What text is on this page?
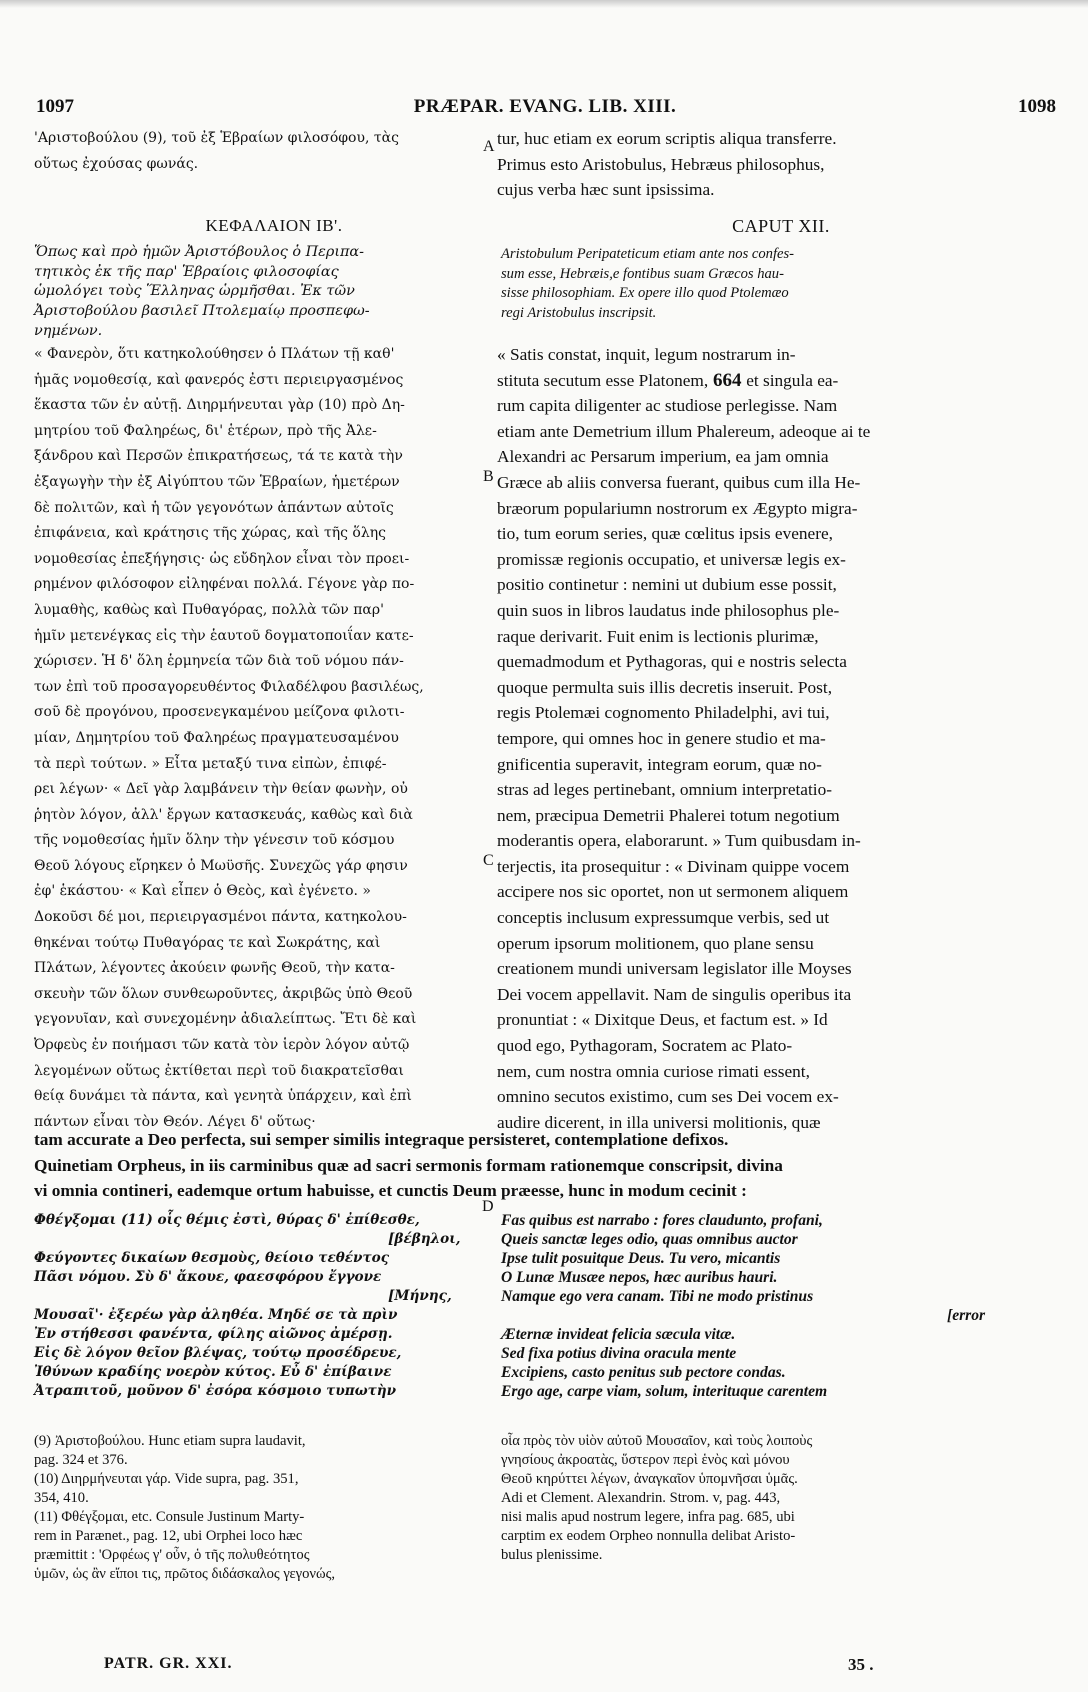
1097	PRÆPAR. EVANG. LIB. XIII.	1098

'Αριστοβούλου (9), τοῦ ἐξ Ἑβραίων φιλοσόφου, τὰς

οὕτως ἐχούσας φωνάς.

tur, huc etiam ex eorum scriptis aliqua transferre.

Primus esto Aristobulus, Hebræus philosophus,

cujus verba hæc sunt ipsissima.

A
ΚΕΦΑΛΑΙΟΝ ΙΒ'.	CAPUT XII.

Ὅπως καὶ πρὸ ἡμῶν Ἀριστόβουλος ὁ Περιπα-

τητικὸς ἐκ τῆς παρ' Ἑβραίοις φιλοσοφίας

ὡμολόγει τοὺς Ἕλληνας ὡρμῆσθαι. Ἐκ τῶν

Ἀριστοβούλου βασιλεῖ Πτολεμαίῳ προσπεφω-

νημένων.

Aristobulum Peripateticum etiam ante nos confes-

sum esse, Hebræis,e fontibus suam Græcos hau-

sisse philosophiam. Ex opere illo quod Ptolemæo

regi Aristobulus inscripsit.

« Φανερὸν, ὅτι κατηκολούθησεν ὁ Πλάτων τῇ καθ'

ἡμᾶς νομοθεσίᾳ, καὶ φανερός ἐστι περιειργασμένος

ἕκαστα τῶν ἐν αὐτῇ. Διηρμήνευται γὰρ (10) πρὸ Δη-

μητρίου τοῦ Φαληρέως, δι' ἑτέρων, πρὸ τῆς Ἀλε-

ξάνδρου καὶ Περσῶν ἐπικρατήσεως, τά τε κατὰ τὴν

ἐξαγωγὴν τὴν ἐξ Αἰγύπτου τῶν Ἑβραίων, ἡμετέρων

δὲ πολιτῶν, καὶ ἡ τῶν γεγονότων ἁπάντων αὐτοῖς

ἐπιφάνεια, καὶ κράτησις τῆς χώρας, καὶ τῆς ὅλης

νομοθεσίας ἐπεξήγησις· ὡς εὔδηλον εἶναι τὸν προει-

ρημένον φιλόσοφον εἰληφέναι πολλά. Γέγονε γὰρ πο-

λυμαθὴς, καθὼς καὶ Πυθαγόρας, πολλὰ τῶν παρ'

ἡμῖν μετενέγκας εἰς τὴν ἑαυτοῦ δογματοποιΐαν κατε-

χώρισεν. Ἡ δ' ὅλη ἑρμηνεία τῶν διὰ τοῦ νόμου πάν-

των ἐπὶ τοῦ προσαγορευθέντος Φιλαδέλφου βασιλέως,

σοῦ δὲ προγόνου, προσενεγκαμένου μείζονα φιλοτι-

μίαν, Δημητρίου τοῦ Φαληρέως πραγματευσαμένου

τὰ περὶ τούτων. » Εἶτα μεταξύ τινα εἰπὼν, ἐπιφέ-

ρει λέγων· « Δεῖ γὰρ λαμβάνειν τὴν θείαν φωνὴν, οὐ

ῥητὸν λόγον, ἀλλ' ἔργων κατασκευάς, καθὼς καὶ διὰ

τῆς νομοθεσίας ἡμῖν ὅλην τὴν γένεσιν τοῦ κόσμου

Θεοῦ λόγους εἴρηκεν ὁ Μωϋσῆς. Συνεχῶς γάρ φησιν

ἐφ' ἑκάστου· « Καὶ εἶπεν ὁ Θεὸς, καὶ ἐγένετο. »

Δοκοῦσι δέ μοι, περιειργασμένοι πάντα, κατηκολου-

θηκέναι τούτῳ Πυθαγόρας τε καὶ Σωκράτης, καὶ

Πλάτων, λέγοντες ἀκούειν φωνῆς Θεοῦ, τὴν κατα-

σκευὴν τῶν ὅλων συνθεωροῦντες, ἀκριβῶς ὑπὸ Θεοῦ

γεγονυῖαν, καὶ συνεχομένην ἀδιαλείπτως. Ἔτι δὲ καὶ

Ὀρφεὺς ἐν ποιήμασι τῶν κατὰ τὸν ἱερὸν λόγον αὐτῷ

λεγομένων οὕτως ἐκτίθεται περὶ τοῦ διακρατεῖσθαι

θείᾳ δυνάμει τὰ πάντα, καὶ γενητὰ ὑπάρχειν, καὶ ἐπὶ

πάντων εἶναι τὸν Θεόν. Λέγει δ' οὕτως·

« Satis constat, inquit, legum nostrarum in-

stituta secutum esse Platonem, 664 et singula ea-

rum capita diligenter ac studiose perlegisse. Nam

etiam ante Demetrium illum Phalereum, adeoque ai te

Alexandri ac Persarum imperium, ea jam omnia

Græce ab aliis conversa fuerant, quibus cum illa He-

bræorum populariumn nostrorum ex Ægypto migra-

tio, tum eorum series, quæ cœlitus ipsis evenere,

promissæ regionis occupatio, et universæ legis ex-

positio continetur : nemini ut dubium esse possit,

quin suos in libros laudatus inde philosophus ple-

raque derivarit. Fuit enim is lectionis plurimæ,

quemadmodum et Pythagoras, qui e nostris selecta

quoque permulta suis illis decretis inseruit. Post,

regis Ptolemæi cognomento Philadelphi, avi tui,

tempore, qui omnes hoc in genere studio et ma-

gnificentia superavit, integram eorum, quæ no-

stras ad leges pertinebant, omnium interpretatio-

nem, præcipua Demetrii Phalerei totum negotium

moderantis opera, elaborarunt. » Tum quibusdam in-

terjectis, ita prosequitur : « Divinam quippe vocem

accipere nos sic oportet, non ut sermonem aliquem

conceptis inclusum expressumque verbis, sed ut

operum ipsorum molitionem, quo plane sensu

creationem mundi universam legislator ille Moyses

Dei vocem appellavit. Nam de singulis operibus ita

pronuntiat : « Dixitque Deus, et factum est. » Id

quod ego, Pythagoram, Socratem ac Plato-

nem, cum nostra omnia curiose rimati essent,

omnino secutos existimo, cum ses Dei vocem ex-

audire dicerent, in illa universi molitionis, quæ

B
C

tam accurate a Deo perfecta, sui semper similis integraque persisteret, contemplatione defixos.

Quinetiam Orpheus, in iis carminibus quæ ad sacri sermonis formam rationemque conscripsit, divina

vi omnia contineri, eademque ortum habuisse, et cunctis Deum præesse, hunc in modum cecinit :

D

Φθέγξομαι (11) οἷς θέμις ἐστὶ, θύρας δ' ἐπίθεσθε,

[βέβηλοι,

Φεύγοντες δικαίων θεσμοὺς, θείοιο τεθέντος

Πᾶσι νόμου. Σὺ δ' ἄκουε, φαεσφόρου ἔγγονε

[Μήνης,

Μουσαῖ'· ἐξερέω γὰρ ἀληθέα. Μηδέ σε τὰ πρὶν

Ἐν στήθεσσι φανέντα, φίλης αἰῶνος ἀμέρσῃ.

Εἰς δὲ λόγον θεῖον βλέψας, τούτῳ προσέδρευε,

Ἰθύνων κραδίης νοερὸν κύτος. Εὖ δ' ἐπίβαινε

Ἀτραπιτοῦ, μοῦνον δ' ἐσόρα κόσμοιο τυπωτὴν

Fas quibus est narrabo : fores claudunto, profani,

Queis sanctæ leges odio, quas omnibus auctor

Ipse tulit posuitque Deus. Tu vero, micantis

O Lunæ Musæe nepos, hæc auribus hauri.

Namque ego vera canam. Tibi ne modo pristinus

[error

Æternæ invideat felicia sæcula vitæ.

Sed fixa potius divina oracula mente

Excipiens, casto penitus sub pectore condas.

Ergo age, carpe viam, solum, interituque carentem

(9) Ἀριστοβούλου. Hunc etiam supra laudavit,

pag. 324 et 376.

(10) Διηρμήνευται γάρ. Vide supra, pag. 351,

354, 410.

(11) Φθέγξομαι, etc. Consule Justinum Marty-

rem in Parænet., pag. 12, ubi Orphei loco hæc

præmittit : 'Ορφέως γ' οὖν, ὁ τῆς πολυθεότητος

ὑμῶν, ὡς ἂν εἴποι τις, πρῶτος διδάσκαλος γεγονώς,

οἷα πρὸς τὸν υἱὸν αὐτοῦ Μουσαῖον, καὶ τοὺς λοιποὺς

γνησίους ἀκροατὰς, ὕστερον περὶ ἑνὸς καὶ μόνου

Θεοῦ κηρύττει λέγων, ἀναγκαῖον ὑπομνῆσαι ὑμᾶς.

Adi et Clement. Alexandrin. Strom. v, pag. 443,

nisi malis apud nostrum legere, infra pag. 685, ubi

carptim ex eodem Orpheo nonnulla delibat Aristo-

bulus plenissime.

PATR. GR. XXI.	35 .
